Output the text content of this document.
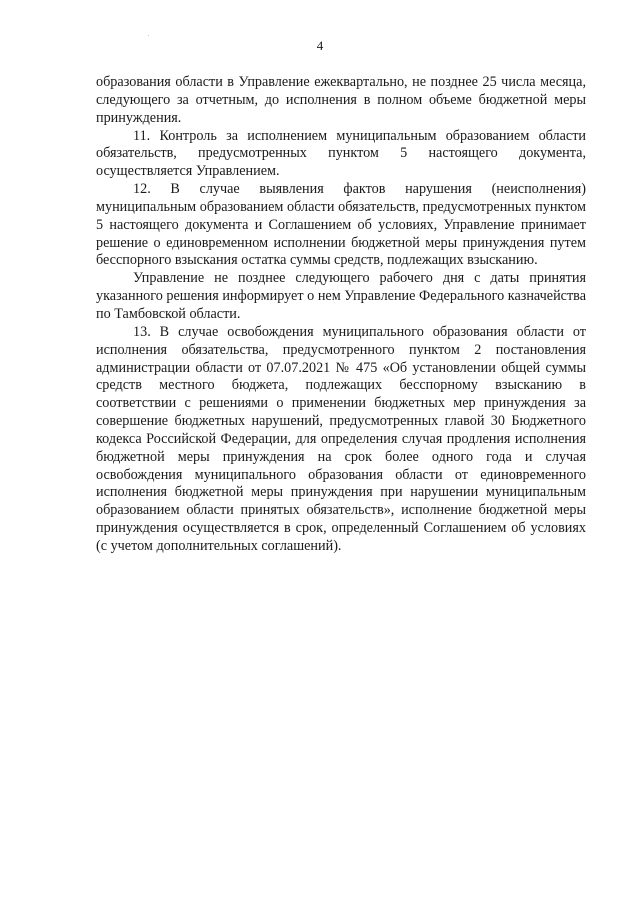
4

образования области в Управление ежеквартально, не позднее 25 числа месяца, следующего за отчетным, до исполнения в полном объеме бюджетной меры принуждения.

11. Контроль за исполнением муниципальным образованием области обязательств, предусмотренных пунктом 5 настоящего документа, осуществляется Управлением.

12. В случае выявления фактов нарушения (неисполнения) муниципальным образованием области обязательств, предусмотренных пунктом 5 настоящего документа и Соглашением об условиях, Управление принимает решение о единовременном исполнении бюджетной меры принуждения путем бесспорного взыскания остатка суммы средств, подлежащих взысканию.

Управление не позднее следующего рабочего дня с даты принятия указанного решения информирует о нем Управление Федерального казначейства по Тамбовской области.

13. В случае освобождения муниципального образования области от исполнения обязательства, предусмотренного пунктом 2 постановления администрации области от 07.07.2021 № 475 «Об установлении общей суммы средств местного бюджета, подлежащих бесспорному взысканию в соответствии с решениями о применении бюджетных мер принуждения за совершение бюджетных нарушений, предусмотренных главой 30 Бюджетного кодекса Российской Федерации, для определения случая продления исполнения бюджетной меры принуждения на срок более одного года и случая освобождения муниципального образования области от единовременного исполнения бюджетной меры принуждения при нарушении муниципальным образованием области принятых обязательств», исполнение бюджетной меры принуждения осуществляется в срок, определенный Соглашением об условиях (с учетом дополнительных соглашений).
